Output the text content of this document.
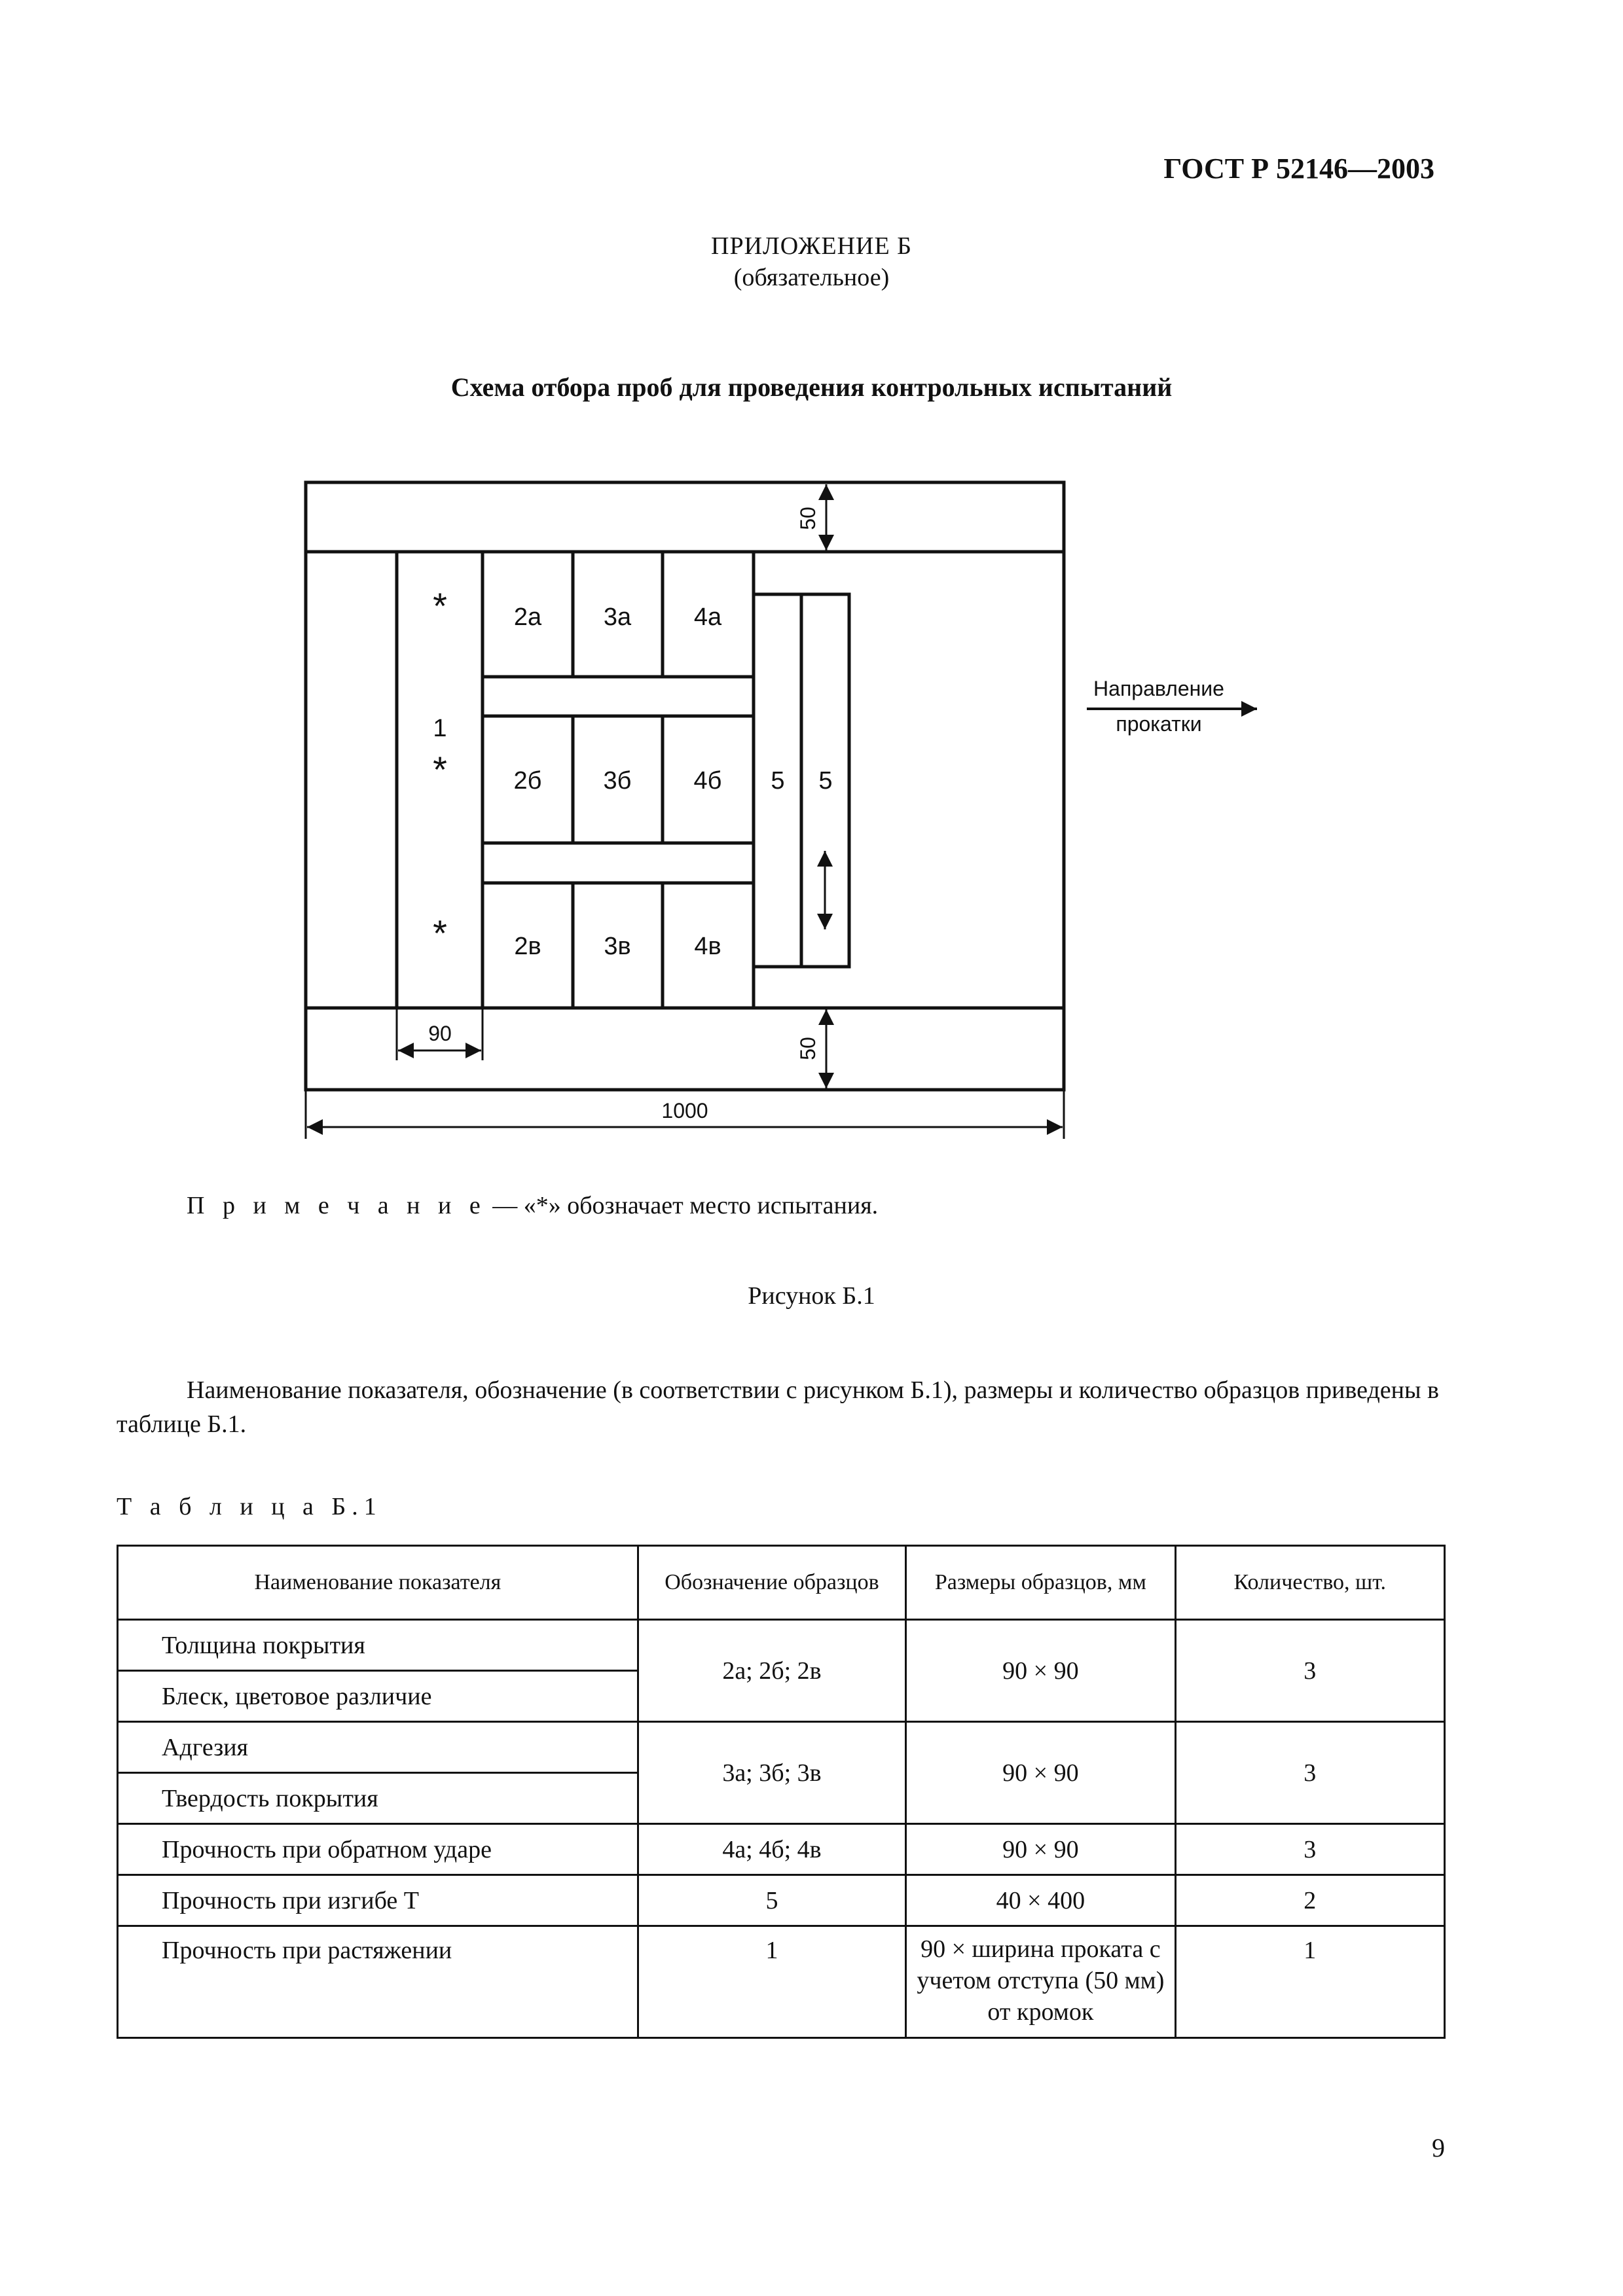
ГОСТ Р 52146—2003
ПРИЛОЖЕНИЕ Б
(обязательное)
Схема отбора проб для проведения контрольных испытаний
*
1
*
*
2а 3а	4а
2б 3б	4б
2в	3в	4в
5 5
90
1000
50
50
Направление
прокатки
П р и м е ч а н и е — «*» обозначает место испытания.
Рисунок Б.1
Наименование показателя, обозначение (в соответствии с рисунком Б.1), размеры и количество образцов приведены в таблице Б.1.
Т а б л и ц а Б.1
Наименование показателя	Обозначение образцов	Размеры образцов, мм	Количество, шт.
Толщина покрытия	2а; 2б; 2в	90 × 90	3
Блеск, цветовое различие			
Адгезия	3а; 3б; 3в	90 × 90	3
Твердость покрытия			
Прочность при обратном ударе	4а; 4б; 4в	90 × 90	3
Прочность при изгибе Т	5	40 × 400	2
Прочность при растяжении	1	90 × ширина проката с учетом отступа (50 мм) от кромок	1
9
